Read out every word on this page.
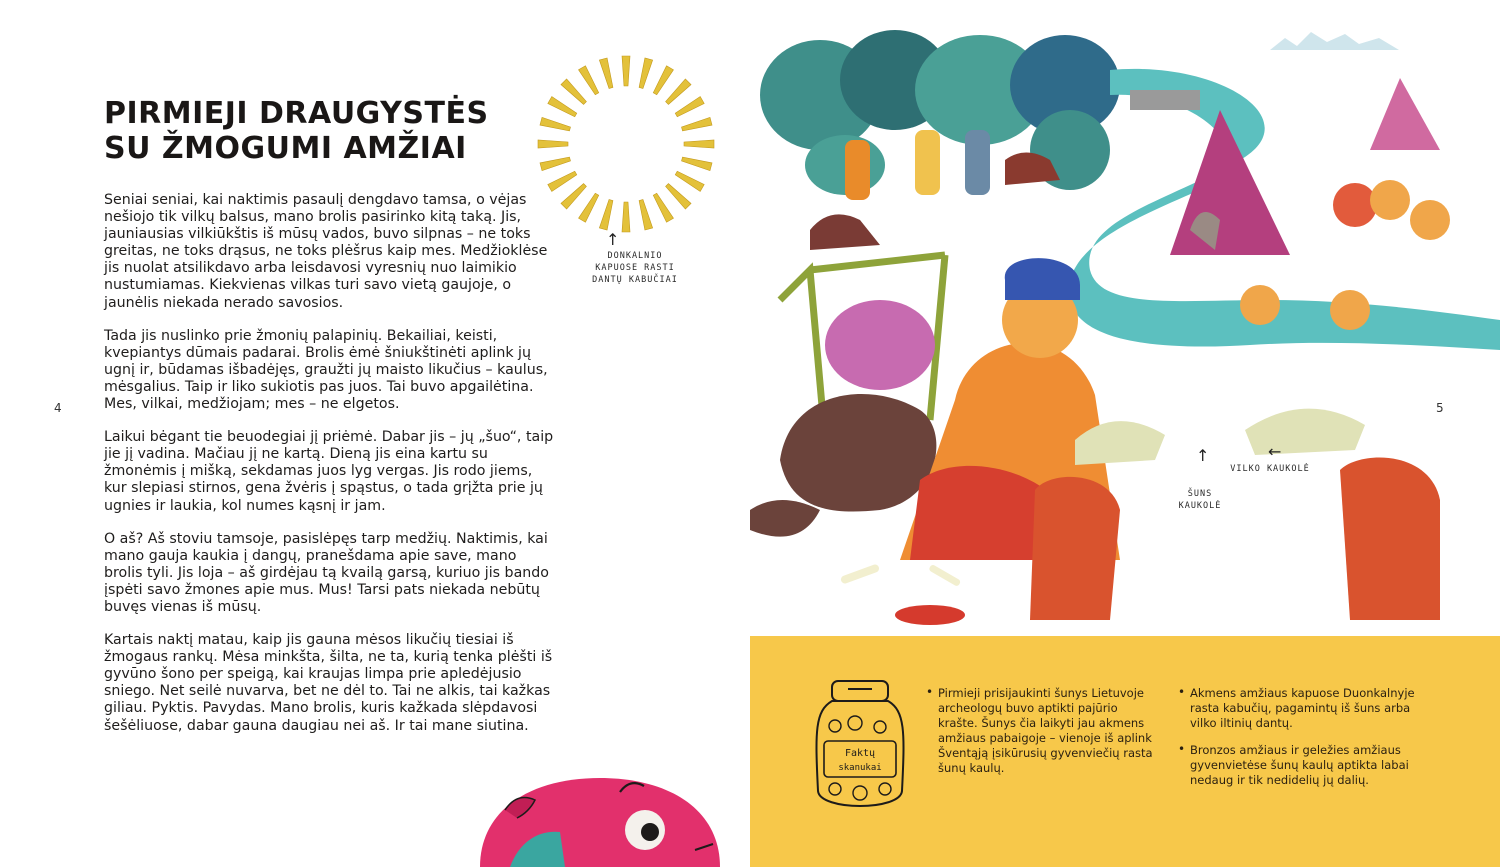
PIRMIEJI DRAUGYSTĖS
SU ŽMOGUMI AMŽIAI

Seniai seniai, kai naktimis pasaulį dengdavo tamsa, o vėjas nešiojo tik vilkų balsus, mano brolis pasirinko kitą taką. Jis, jauniausias vilkiūkštis iš mūsų vados, buvo silpnas – ne toks greitas, ne toks drąsus, ne toks plėšrus kaip mes. Medžioklėse jis nuolat atsilikdavo arba leisdavosi vyresnių nuo laimikio nustumiamas. Kiekvienas vilkas turi savo vietą gaujoje, o jaunėlis niekada nerado savosios.

Tada jis nuslinko prie žmonių palapinių. Bekailiai, keisti, kvepiantys dūmais padarai. Brolis ėmė šniukštinėti aplink jų ugnį ir, būdamas išbadėjęs, graužti jų maisto likučius – kaulus, mėsgalius. Taip ir liko sukiotis pas juos. Tai buvo apgailėtina. Mes, vilkai, medžiojam; mes – ne elgetos.

Laikui bėgant tie beuodegiai jį priėmė. Dabar jis – jų „šuo“, taip jie jį vadina. Mačiau jį ne kartą. Dieną jis eina kartu su žmonėmis į mišką, sekdamas juos lyg vergas. Jis rodo jiems, kur slepiasi stirnos, gena žvėris į spąstus, o tada grįžta prie jų ugnies ir laukia, kol numes kąsnį ir jam.

O aš? Aš stoviu tamsoje, pasislėpęs tarp medžių. Naktimis, kai mano gauja kaukia į dangų, pranešdama apie save, mano brolis tyli. Jis loja – aš girdėjau tą kvailą garsą, kuriuo jis bando įspėti savo žmones apie mus. Mus! Tarsi pats niekada nebūtų buvęs vienas iš mūsų.

Kartais naktį matau, kaip jis gauna mėsos likučių tiesiai iš žmogaus rankų. Mėsa minkšta, šilta, ne ta, kurią tenka plėšti iš gyvūno šono per speigą, kai kraujas limpa prie apledėjusio sniego. Net seilė nuvarva, bet ne dėl to. Tai ne alkis, tai kažkas giliau. Pyktis. Pavydas. Mano brolis, kuris kažkada slėpdavosi šešėliuose, dabar gauna daugiau nei aš. Ir tai mane siutina.

4
↑
DONKALNIO KAPUOSE RASTI DANTŲ KABUČIAI
5
↑
ŠUNS KAUKOLĖ
←
VILKO KAUKOLĖ
Faktų
skanukai

• Pirmieji prisijaukinti šunys Lietuvoje archeologų buvo aptikti pajūrio krašte. Šunys čia laikyti jau akmens amžiaus pabaigoje – vienoje iš aplink Šventąją įsikūrusių gyvenviečių rasta šunų kaulų.

• Akmens amžiaus kapuose Duonkalnyje rasta kabučių, pagamintų iš šuns arba vilko iltinių dantų.

• Bronzos amžiaus ir geležies amžiaus gyvenvietėse šunų kaulų aptikta labai nedaug ir tik nedidelių jų dalių.
